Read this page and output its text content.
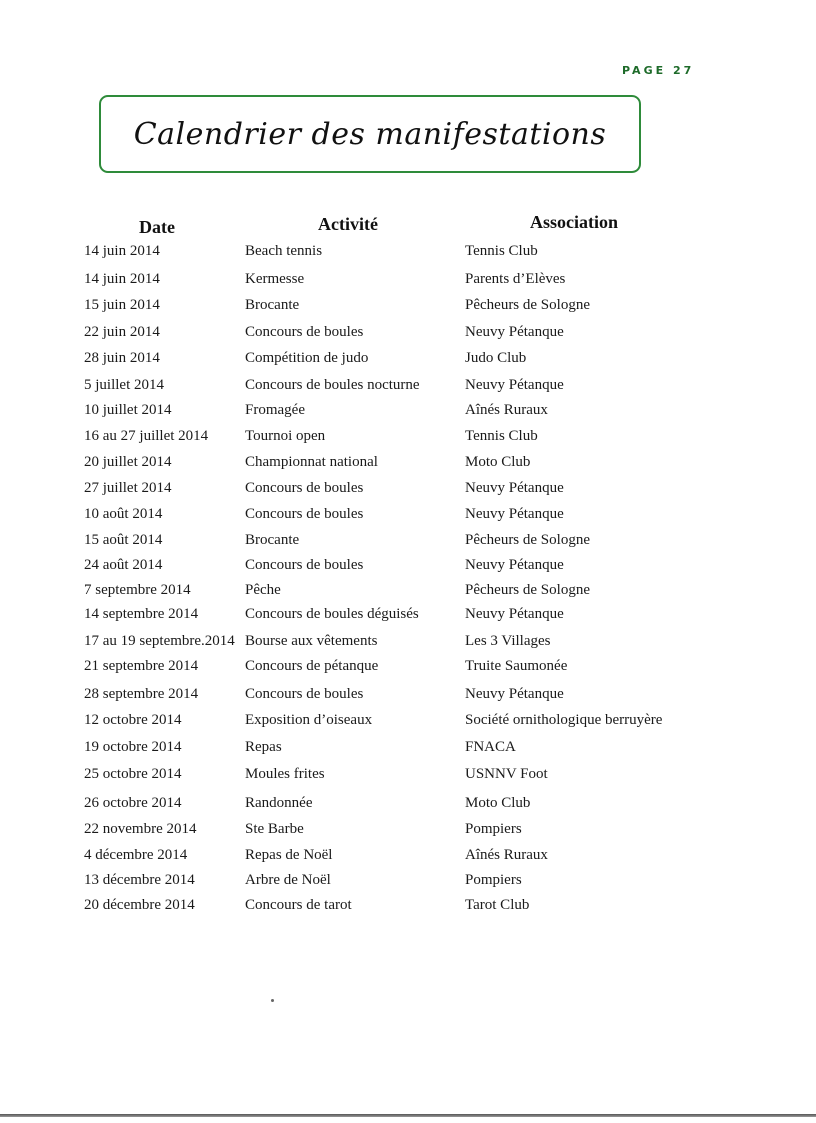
PAGE 27
Calendrier des manifestations
Date	Activité	Association
14 juin 2014	Beach tennis	Tennis Club
14 juin 2014	Kermesse	Parents d’Elèves
15 juin 2014	Brocante	Pêcheurs de Sologne
22 juin 2014	Concours de boules	Neuvy Pétanque
28 juin 2014	Compétition de judo	Judo Club
5 juillet 2014	Concours de boules nocturne	Neuvy Pétanque
10 juillet 2014	Fromagée	Aînés Ruraux
16 au 27 juillet 2014 Tournoi open	Tennis Club
20 juillet 2014	Championnat national	Moto Club
27 juillet 2014	Concours de boules	Neuvy Pétanque
10 août 2014	Concours de boules	Neuvy Pétanque
15 août 2014	Brocante	Pêcheurs de Sologne
24 août 2014	Concours de boules	Neuvy Pétanque
7 septembre 2014	Pêche	Pêcheurs de Sologne
14 septembre 2014	Concours de boules déguisés	Neuvy Pétanque
17 au 19 septembre.2014 Bourse aux vêtements	Les 3 Villages
21 septembre 2014	Concours de pétanque	Truite Saumonée
28 septembre 2014	Concours de boules	Neuvy Pétanque
12 octobre 2014	Exposition d’oiseaux	Société ornithologique berruyère
19 octobre 2014	Repas	FNACA
25 octobre 2014	Moules frites	USNNV Foot
26 octobre 2014	Randonnée	Moto Club
22 novembre 2014	Ste Barbe	Pompiers
4 décembre 2014	Repas de Noël	Aînés Ruraux
13 décembre 2014	Arbre de Noël	Pompiers
20 décembre 2014	Concours de tarot	Tarot Club
